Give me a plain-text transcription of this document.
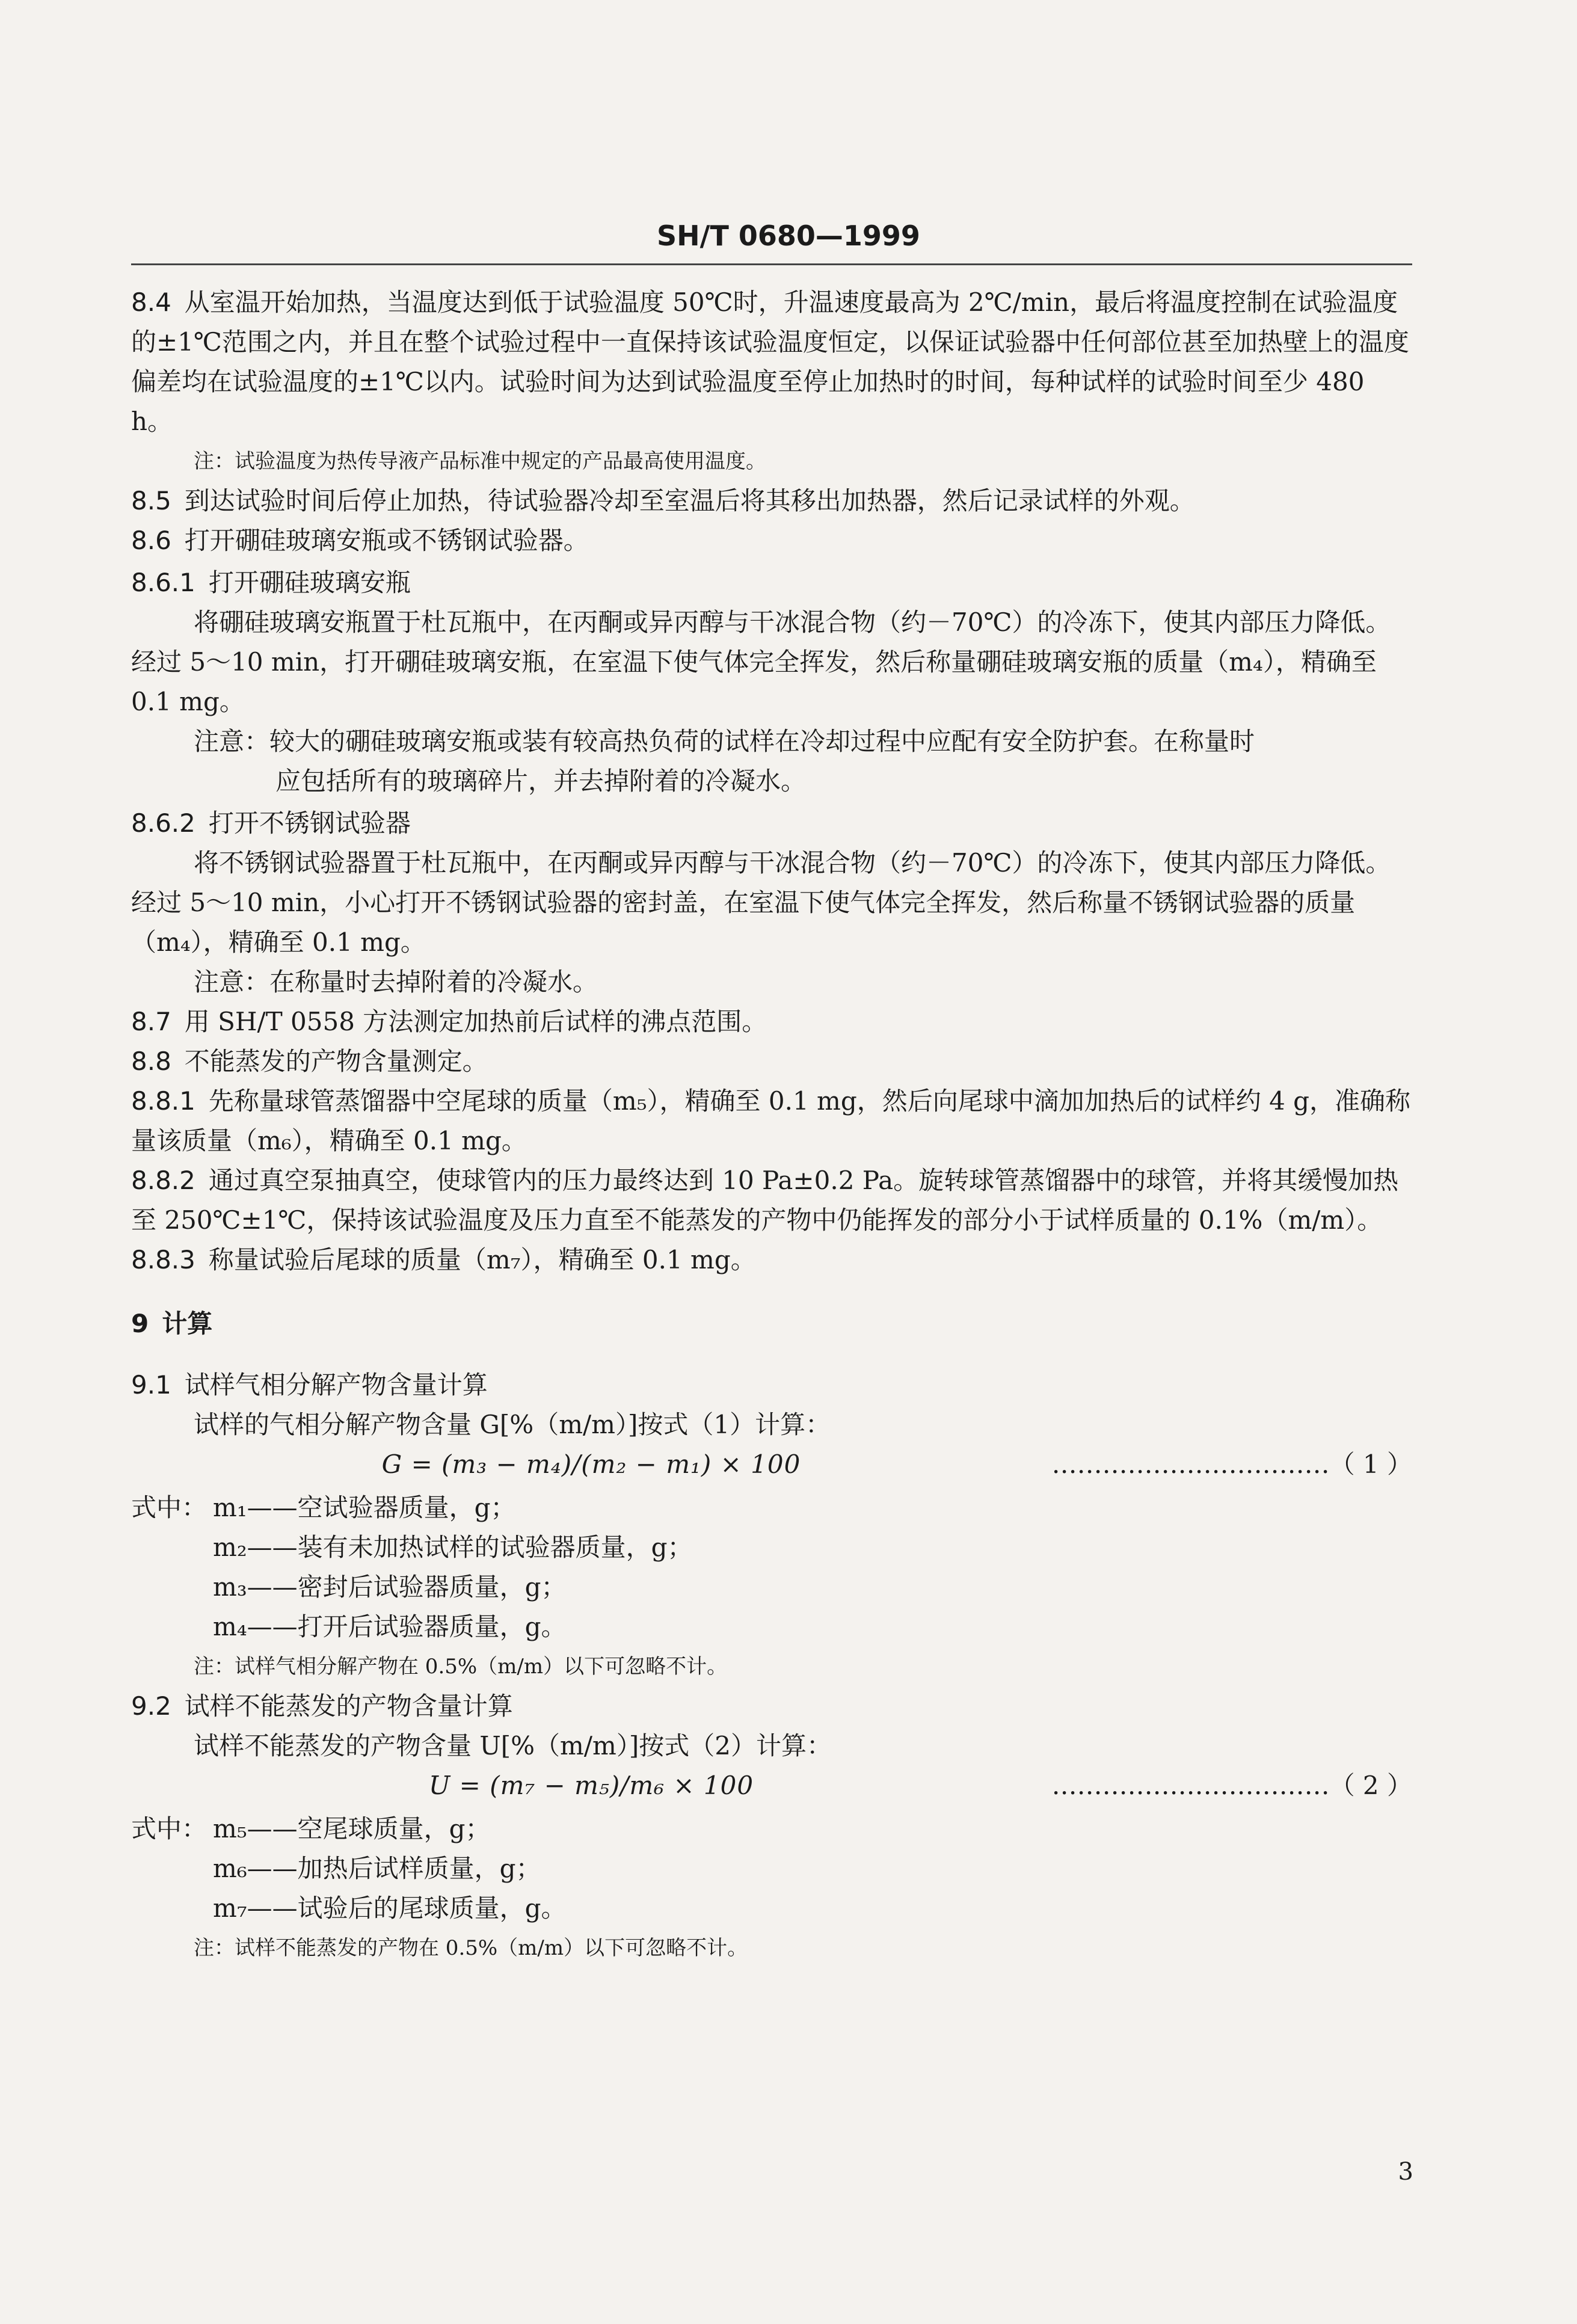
SH/T 0680—1999

8.4 从室温开始加热，当温度达到低于试验温度 50℃时，升温速度最高为 2℃/min，最后将温度控制在试验温度的±1℃范围之内，并且在整个试验过程中一直保持该试验温度恒定，以保证试验器中任何部位甚至加热壁上的温度偏差均在试验温度的±1℃以内。试验时间为达到试验温度至停止加热时的时间，每种试样的试验时间至少 480 h。

注：试验温度为热传导液产品标准中规定的产品最高使用温度。

8.5 到达试验时间后停止加热，待试验器冷却至室温后将其移出加热器，然后记录试样的外观。

8.6 打开硼硅玻璃安瓶或不锈钢试验器。

8.6.1 打开硼硅玻璃安瓶

将硼硅玻璃安瓶置于杜瓦瓶中，在丙酮或异丙醇与干冰混合物（约－70℃）的冷冻下，使其内部压力降低。经过 5～10 min，打开硼硅玻璃安瓶，在室温下使气体完全挥发，然后称量硼硅玻璃安瓶的质量（m₄），精确至 0.1 mg。

注意：较大的硼硅玻璃安瓶或装有较高热负荷的试样在冷却过程中应配有安全防护套。在称量时
应包括所有的玻璃碎片，并去掉附着的冷凝水。

8.6.2 打开不锈钢试验器

将不锈钢试验器置于杜瓦瓶中，在丙酮或异丙醇与干冰混合物（约－70℃）的冷冻下，使其内部压力降低。经过 5～10 min，小心打开不锈钢试验器的密封盖，在室温下使气体完全挥发，然后称量不锈钢试验器的质量（m₄），精确至 0.1 mg。

注意：在称量时去掉附着的冷凝水。

8.7 用 SH/T 0558 方法测定加热前后试样的沸点范围。

8.8 不能蒸发的产物含量测定。

8.8.1 先称量球管蒸馏器中空尾球的质量（m₅），精确至 0.1 mg，然后向尾球中滴加加热后的试样约 4 g，准确称量该质量（m₆），精确至 0.1 mg。

8.8.2 通过真空泵抽真空，使球管内的压力最终达到 10 Pa±0.2 Pa。旋转球管蒸馏器中的球管，并将其缓慢加热至 250℃±1℃，保持该试验温度及压力直至不能蒸发的产物中仍能挥发的部分小于试样质量的 0.1%（m/m）。

8.8.3 称量试验后尾球的质量（m₇），精确至 0.1 mg。

9 计算

9.1 试样气相分解产物含量计算

试样的气相分解产物含量 G[%（m/m）]按式（1）计算：

G = (m₃ − m₄)/(m₂ − m₁) × 100	……………………………（ 1 ）

式中： m₁——空试验器质量，g；

m₂——装有未加热试样的试验器质量，g；

m₃——密封后试验器质量，g；

m₄——打开后试验器质量，g。

注：试样气相分解产物在 0.5%（m/m）以下可忽略不计。

9.2 试样不能蒸发的产物含量计算

试样不能蒸发的产物含量 U[%（m/m）]按式（2）计算：

U = (m₇ − m₅)/m₆ × 100	……………………………（ 2 ）

式中： m₅——空尾球质量，g；

m₆——加热后试样质量，g；

m₇——试验后的尾球质量，g。

注：试样不能蒸发的产物在 0.5%（m/m）以下可忽略不计。

3
